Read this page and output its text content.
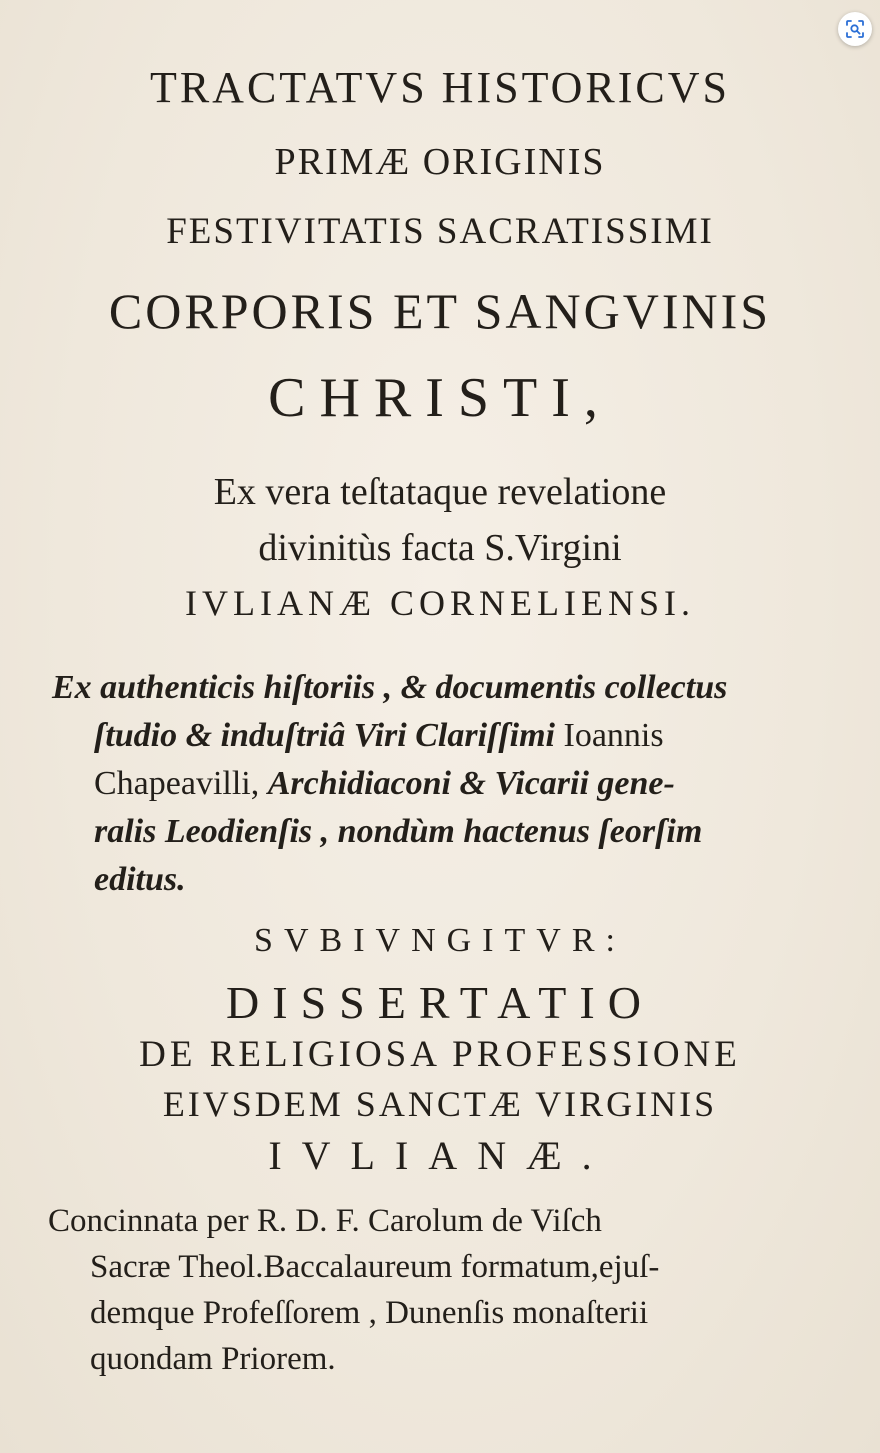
TRACTATVS HISTORICVS
PRIMÆ ORIGINIS
FESTIVITATIS SACRATISSIMI
CORPORIS ET SANGVINIS
CHRISTI,
Ex vera teſtataque revelatione
divinitùs facta S.Virgini
IVLIANÆ CORNELIENSI.
Ex authenticis hiſtoriis , & documentis collectus
ſtudio & induſtriâ Viri Clariſſimi Ioannis
Chapeavilli, Archidiaconi & Vicarii gene-
ralis Leodienſis , nondùm hactenus ſeorſim
editus.
SVBIVNGITVR:
DISSERTATIO
DE RELIGIOSA PROFESSIONE
EIVSDEM SANCTÆ VIRGINIS
IVLIANÆ.
Concinnata per R. D. F. Carolum de Viſch
Sacræ Theol.Baccalaureum formatum,ejuſ-
demque Profeſſorem , Dunenſis monaſterii
quondam Priorem.
